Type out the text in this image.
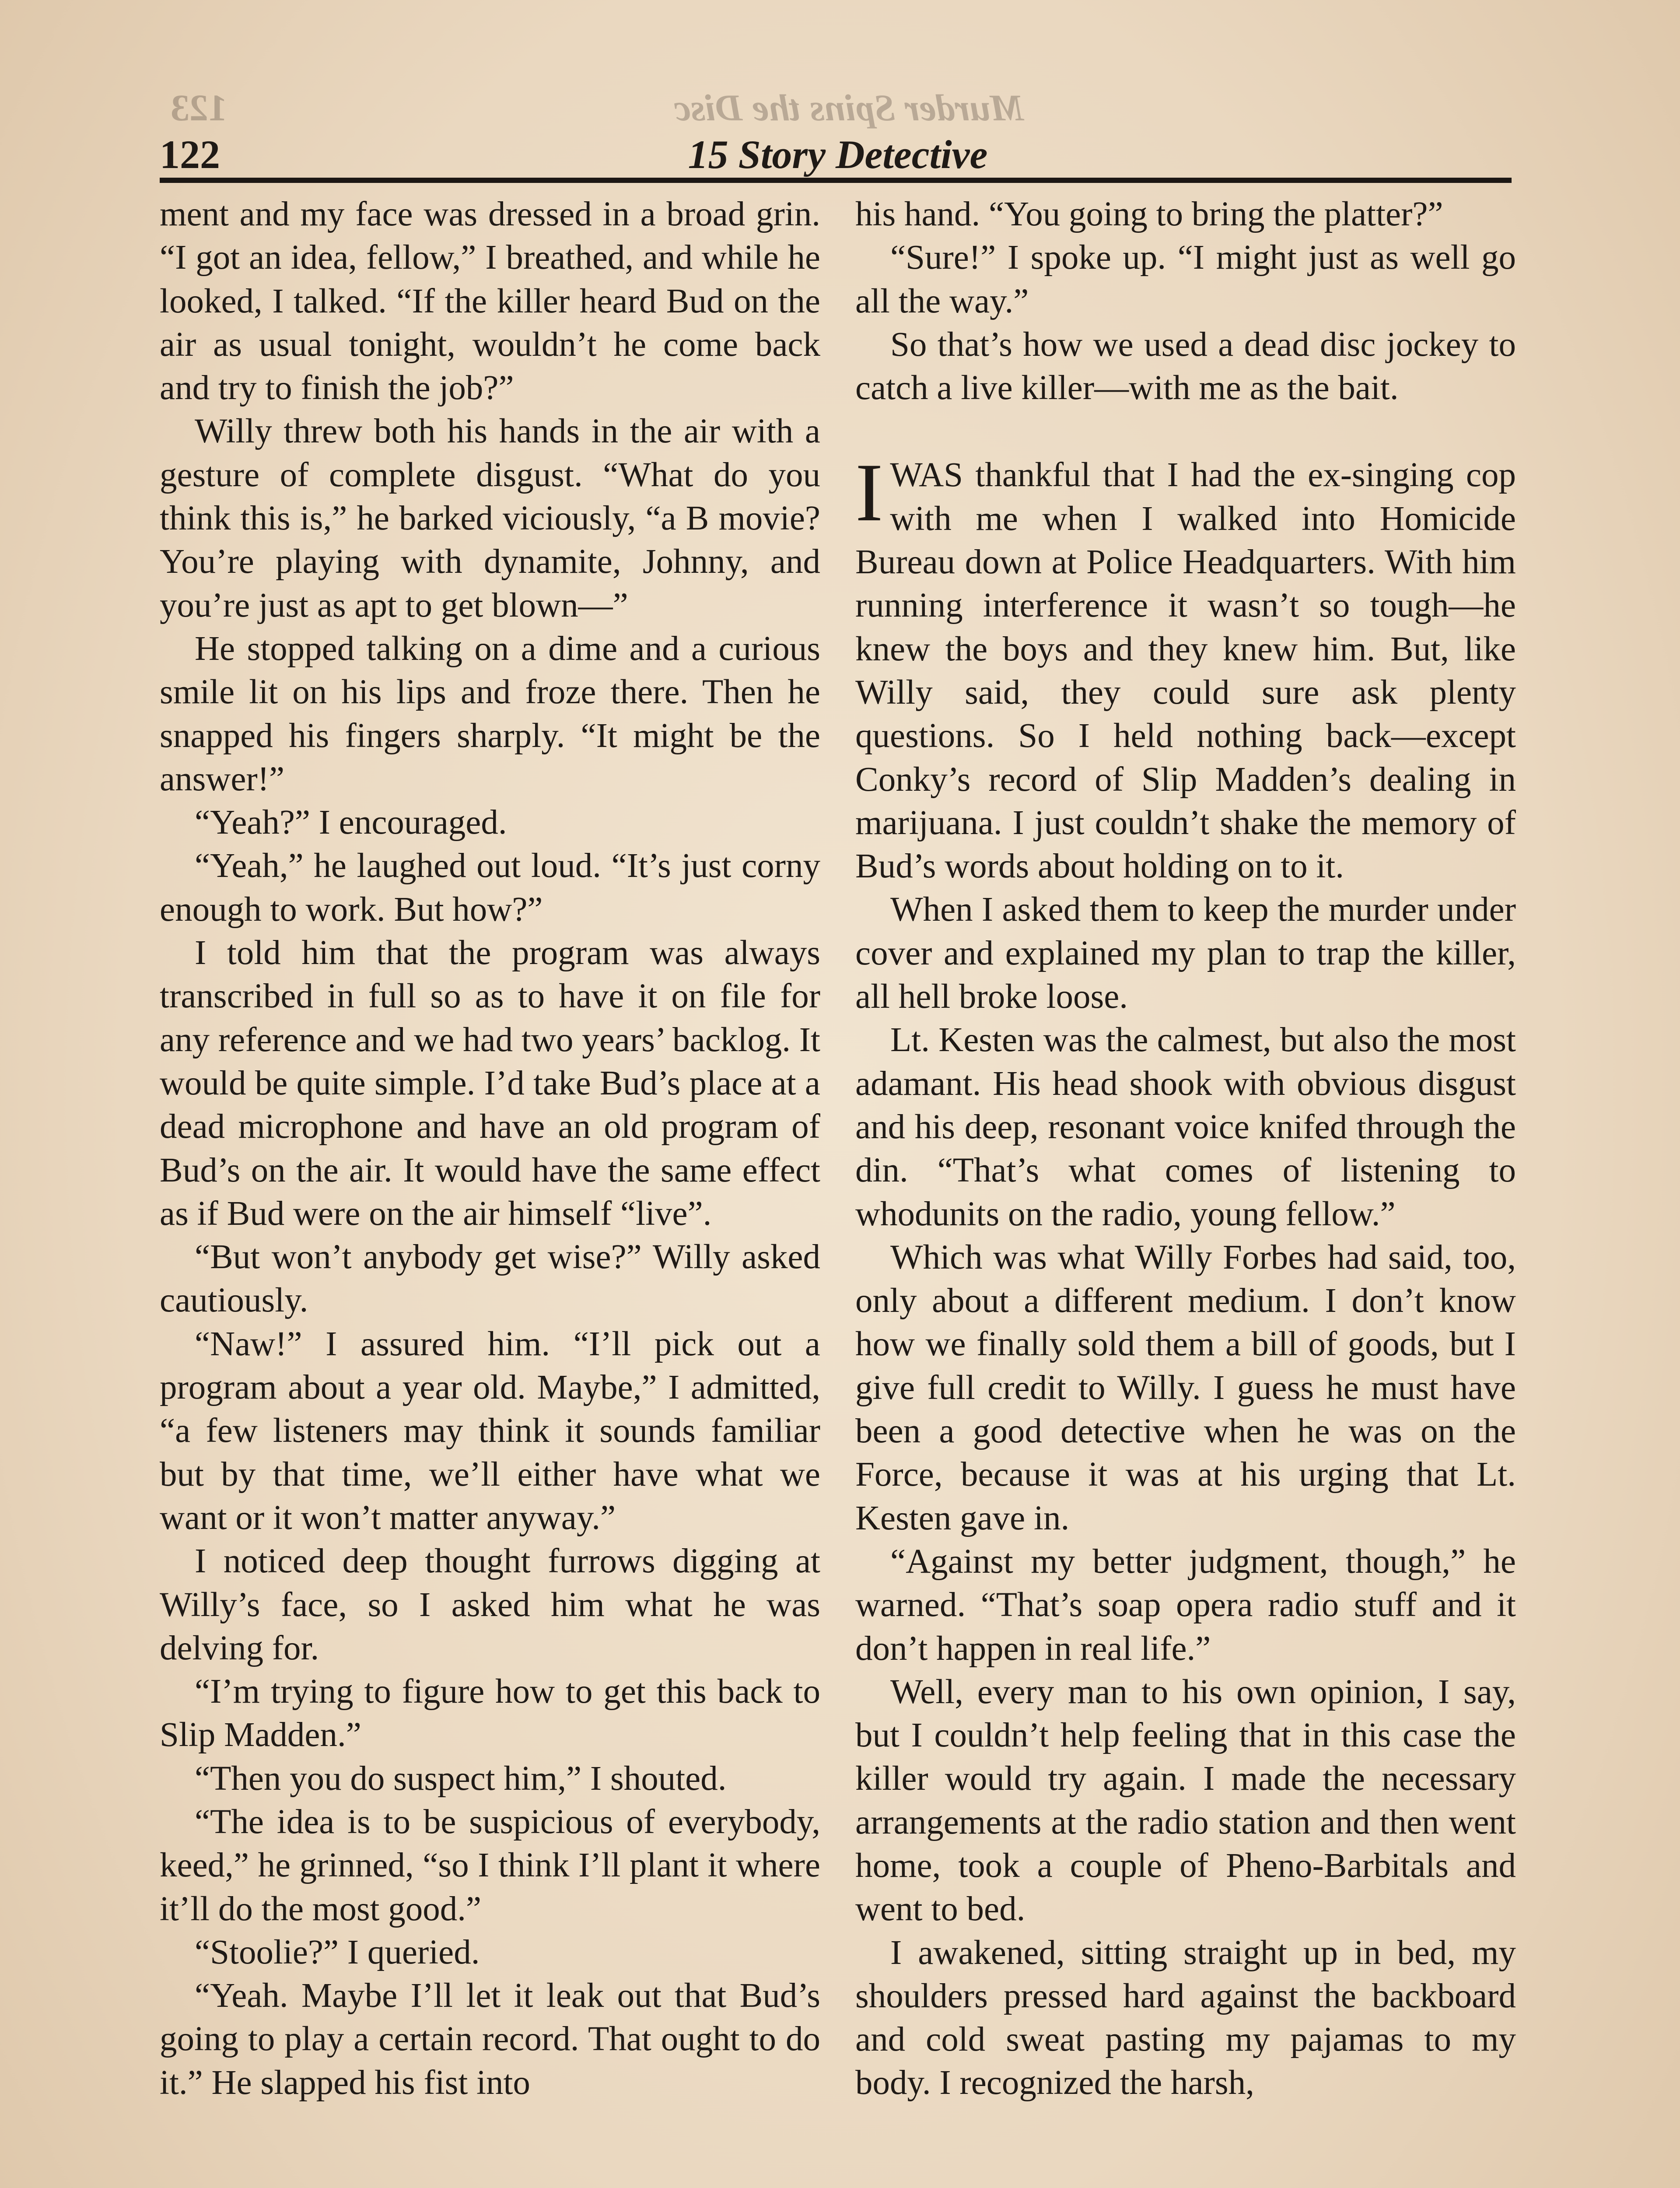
123	Murder Spins the Disc
122	15 Story Detective

ment and my face was dressed in a broad grin. “I got an idea, fellow,” I breathed, and while he looked, I talked. “If the killer heard Bud on the air as usual tonight, wouldn’t he come back and try to finish the job?”

Willy threw both his hands in the air with a gesture of complete disgust. “What do you think this is,” he barked viciously, “a B movie? You’re playing with dynamite, Johnny, and you’re just as apt to get blown—”

He stopped talking on a dime and a curious smile lit on his lips and froze there. Then he snapped his fingers sharply. “It might be the answer!”

“Yeah?” I encouraged.

“Yeah,” he laughed out loud. “It’s just corny enough to work. But how?”

I told him that the program was always transcribed in full so as to have it on file for any reference and we had two years’ backlog. It would be quite simple. I’d take Bud’s place at a dead microphone and have an old program of Bud’s on the air. It would have the same effect as if Bud were on the air himself “live”.

“But won’t anybody get wise?” Willy asked cautiously.

“Naw!” I assured him. “I’ll pick out a program about a year old. Maybe,” I admitted, “a few listeners may think it sounds familiar but by that time, we’ll either have what we want or it won’t matter anyway.”

I noticed deep thought furrows digging at Willy’s face, so I asked him what he was delving for.

“I’m trying to figure how to get this back to Slip Madden.”

“Then you do suspect him,” I shouted.

“The idea is to be suspicious of everybody, keed,” he grinned, “so I think I’ll plant it where it’ll do the most good.”

“Stoolie?” I queried.

“Yeah. Maybe I’ll let it leak out that Bud’s going to play a certain record. That ought to do it.” He slapped his fist into

his hand. “You going to bring the platter?”

“Sure!” I spoke up. “I might just as well go all the way.”

So that’s how we used a dead disc jockey to catch a live killer—with me as the bait.

IWAS thankful that I had the ex-singing cop with me when I walked into Homicide Bureau down at Police Headquarters. With him running interference it wasn’t so tough—he knew the boys and they knew him. But, like Willy said, they could sure ask plenty questions. So I held nothing back—except Conky’s record of Slip Madden’s dealing in marijuana. I just couldn’t shake the memory of Bud’s words about holding on to it.

When I asked them to keep the murder under cover and explained my plan to trap the killer, all hell broke loose.

Lt. Kesten was the calmest, but also the most adamant. His head shook with obvious disgust and his deep, resonant voice knifed through the din. “That’s what comes of listening to whodunits on the radio, young fellow.”

Which was what Willy Forbes had said, too, only about a different medium. I don’t know how we finally sold them a bill of goods, but I give full credit to Willy. I guess he must have been a good detective when he was on the Force, because it was at his urging that Lt. Kesten gave in.

“Against my better judgment, though,” he warned. “That’s soap opera radio stuff and it don’t happen in real life.”

Well, every man to his own opinion, I say, but I couldn’t help feeling that in this case the killer would try again. I made the necessary arrangements at the radio station and then went home, took a couple of Pheno-Barbitals and went to bed.

I awakened, sitting straight up in bed, my shoulders pressed hard against the backboard and cold sweat pasting my pajamas to my body. I recognized the harsh,
